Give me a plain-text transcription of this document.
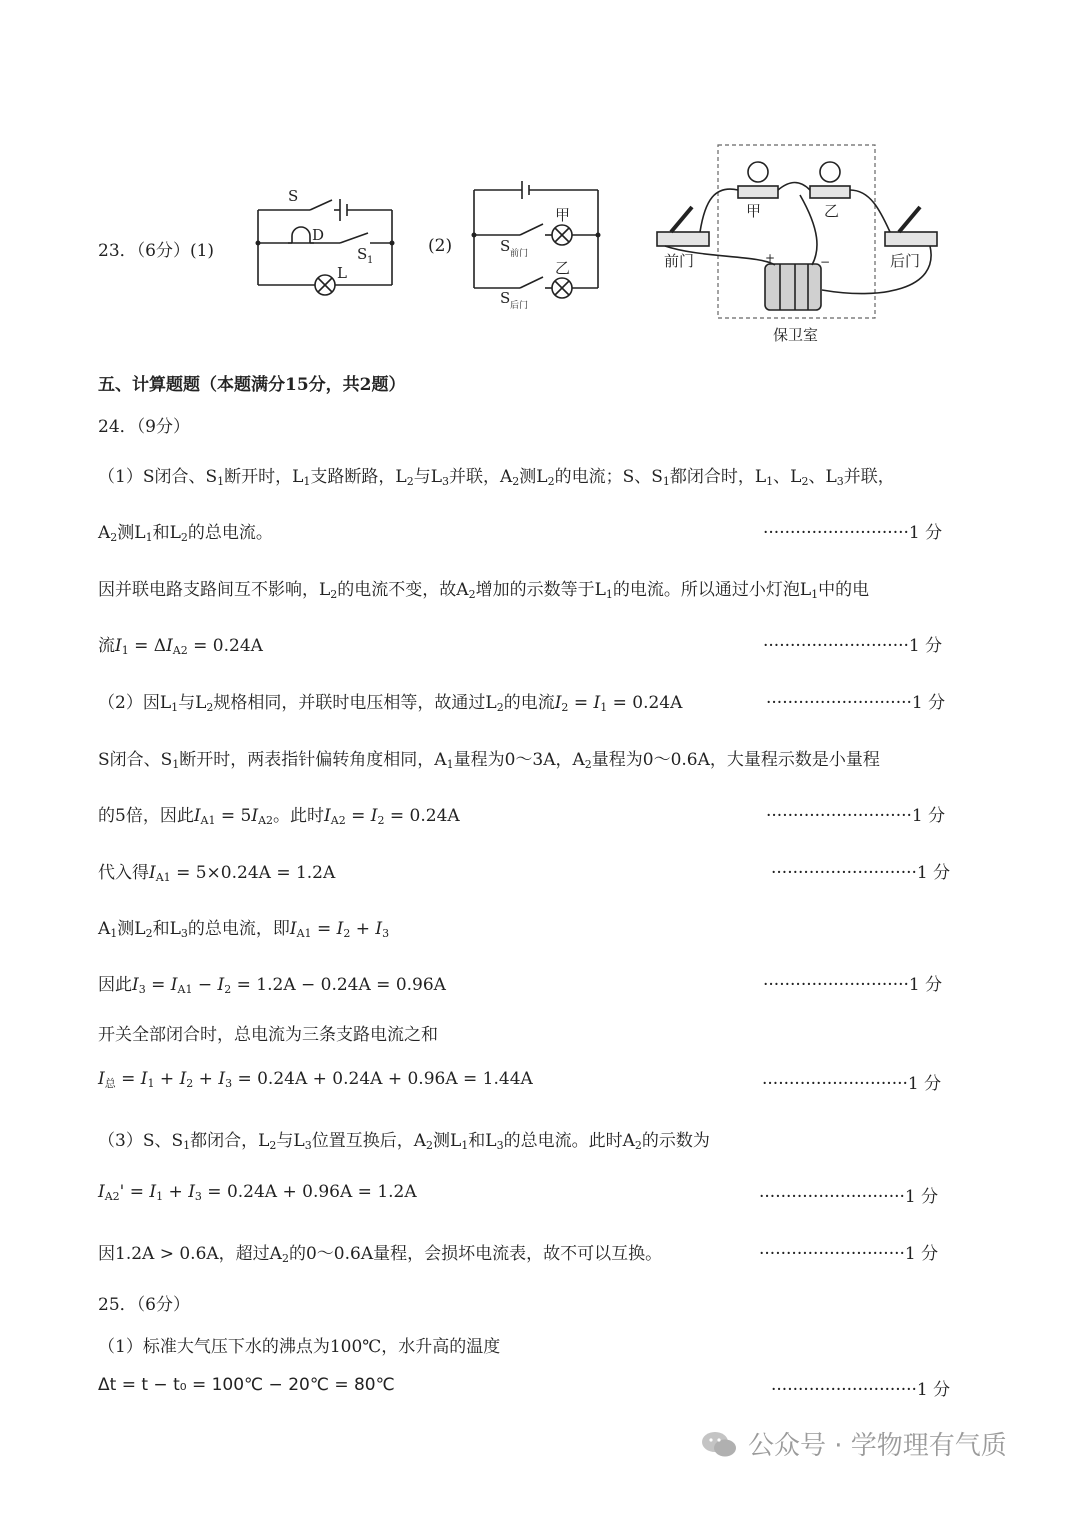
S
D
S 1
L
甲
乙
S 前门
S 后门
甲	乙
前门	后门
保卫室
+	−
23．（6分）(1)	(2)
五、计算题题（本题满分15分，共2题）
24．（9分）
（1）S闭合、$S_1$断开时，$L_1$支路断路，$L_2$与$L_3$并联，$A_2$测$L_2$的电流；S、$S_1$都闭合时，$L_1$、$L_2$、$L_3$并联，
$A_2$测$L_1$和$L_2$的总电流。
因并联电路支路间互不影响，$L_2$的电流不变，故$A_2$增加的示数等于$L_1$的电流。所以通过小灯泡$L_1$中的电
流$I_1 = \Delta I_{A2} = 0.24A$
（2）因$L_1$与$L_2$规格相同，并联时电压相等，故通过$L_2$的电流$I_2 = I_1 = 0.24A$
S闭合、$S_1$断开时，两表指针偏转角度相同，$A_1$量程为0～3A，$A_2$量程为0～0.6A，大量程示数是小量程
的5倍，因此$I_{A1} = 5I_{A2}$。此时$I_{A2} = I_2 = 0.24A$
代入得$I_{A1} = 5\times 0.24A = 1.2A$
$A_1$测$L_2$和$L_3$的总电流，即$I_{A1} = I_2 + I_3$
因此$I_3 = I_{A1} - I_2 = 1.2A - 0.24A = 0.96A$
开关全部闭合时，总电流为三条支路电流之和
$I_总 = I_1 + I_2 + I_3 = 0.24A + 0.24A + 0.96A = 1.44A$
（3）S、$S_1$都闭合，$L_2$与$L_3$位置互换后，$A_2$测$L_1$和$L_3$的总电流。此时$A_2$的示数为
$I_{A2}' = I_1 + I_3 = 0.24A + 0.96A = 1.2A$
因1.2A > 0.6A，超过$A_2$的0～0.6A量程，会损坏电流表，故不可以互换。
···························1 分
···························1 分
···························1 分
···························1 分
···························1 分
···························1 分
···························1 分
···························1 分
···························1 分
25．（6分）
（1）标准大气压下水的沸点为100℃，水升高的温度
Δt = t − t₀ = 100℃ − 20℃ = 80℃	···························1 分
公众号 · 学物理有气质
